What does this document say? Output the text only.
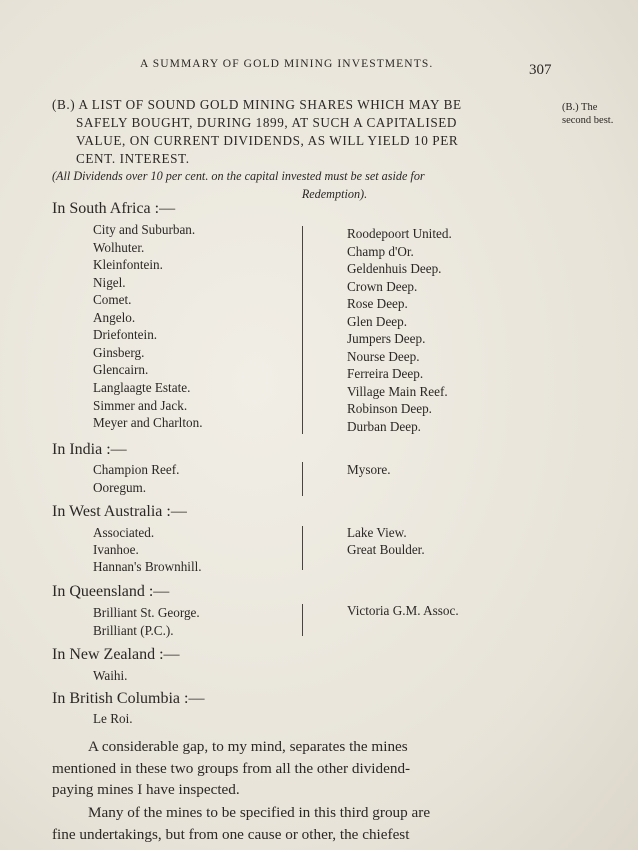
A SUMMARY OF GOLD MINING INVESTMENTS.	307
(B.) The
second best.
(B.) A LIST OF SOUND GOLD MINING SHARES WHICH MAY BE
SAFELY BOUGHT, DURING 1899, AT SUCH A CAPITALISED
VALUE, ON CURRENT DIVIDENDS, AS WILL YIELD 10 PER
CENT. INTEREST.
(All Dividends over 10 per cent. on the capital invested must be set aside for
Redemption).
In South Africa :—
City and Suburban.
Wolhuter.
Kleinfontein.
Nigel.
Comet.
Angelo.
Driefontein.
Ginsberg.
Glencairn.
Langlaagte Estate.
Simmer and Jack.
Meyer and Charlton.
Roodepoort United.
Champ d'Or.
Geldenhuis Deep.
Crown Deep.
Rose Deep.
Glen Deep.
Jumpers Deep.
Nourse Deep.
Ferreira Deep.
Village Main Reef.
Robinson Deep.
Durban Deep.
In India :—
Champion Reef.
Ooregum.
Mysore.
In West Australia :—
Associated.
Ivanhoe.
Hannan's Brownhill.
Lake View.
Great Boulder.
In Queensland :—
Brilliant St. George.
Brilliant (P.C.).
Victoria G.M. Assoc.
In New Zealand :—
Waihi.
In British Columbia :—
Le Roi.
A considerable gap, to my mind, separates the mines
mentioned in these two groups from all the other dividend-
paying mines I have inspected.
Many of the mines to be specified in this third group are
fine undertakings, but from one cause or other, the chiefest
